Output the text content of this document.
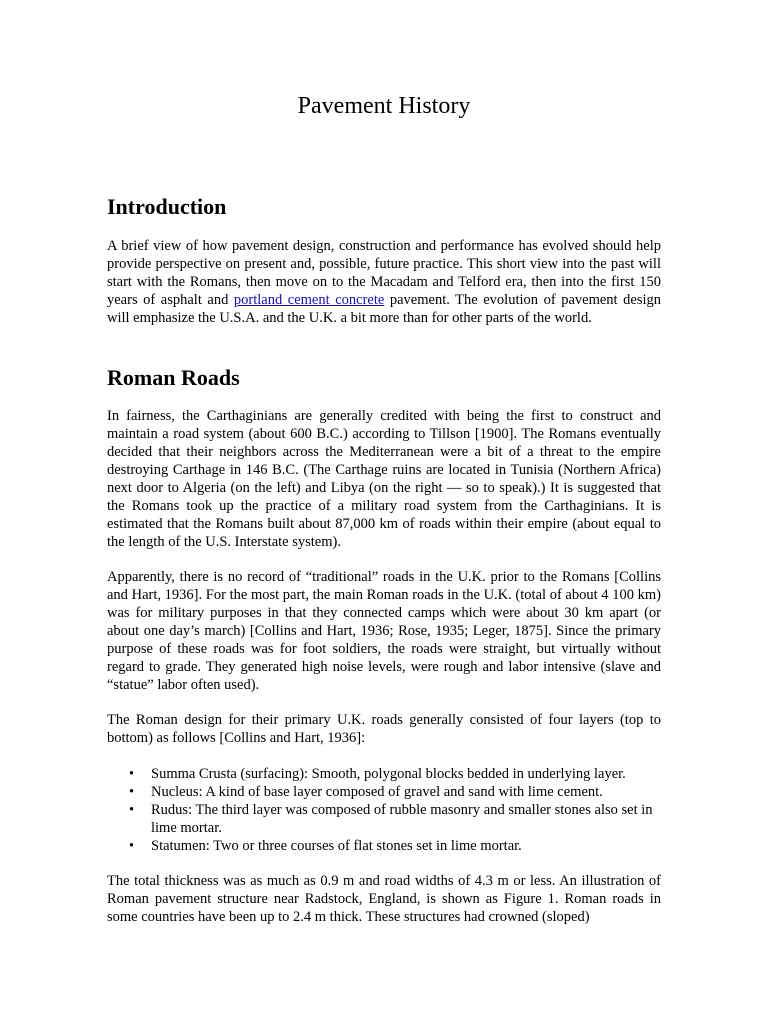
Pavement History
Introduction

A brief view of how pavement design, construction and performance has evolved should help provide perspective on present and, possible, future practice. This short view into the past will start with the Romans, then move on to the Macadam and Telford era, then into the first 150 years of asphalt and portland cement concrete pavement. The evolution of pavement design will emphasize the U.S.A. and the U.K. a bit more than for other parts of the world.

Roman Roads

In fairness, the Carthaginians are generally credited with being the first to construct and maintain a road system (about 600 B.C.) according to Tillson [1900]. The Romans eventually decided that their neighbors across the Mediterranean were a bit of a threat to the empire destroying Carthage in 146 B.C. (The Carthage ruins are located in Tunisia (Northern Africa) next door to Algeria (on the left) and Libya (on the right — so to speak).) It is suggested that the Romans took up the practice of a military road system from the Carthaginians. It is estimated that the Romans built about 87,000 km of roads within their empire (about equal to the length of the U.S. Interstate system).

Apparently, there is no record of “traditional” roads in the U.K. prior to the Romans [Collins and Hart, 1936]. For the most part, the main Roman roads in the U.K. (total of about 4 100 km) was for military purposes in that they connected camps which were about 30 km apart (or about one day’s march) [Collins and Hart, 1936; Rose, 1935; Leger, 1875]. Since the primary purpose of these roads was for foot soldiers, the roads were straight, but virtually without regard to grade. They generated high noise levels, were rough and labor intensive (slave and “statue” labor often used).

The Roman design for their primary U.K. roads generally consisted of four layers (top to bottom) as follows [Collins and Hart, 1936]:

• Summa Crusta (surfacing): Smooth, polygonal blocks bedded in underlying layer.
• Nucleus: A kind of base layer composed of gravel and sand with lime cement.
• Rudus: The third layer was composed of rubble masonry and smaller stones also set in lime mortar.
• Statumen: Two or three courses of flat stones set in lime mortar.

The total thickness was as much as 0.9 m and road widths of 4.3 m or less. An illustration of Roman pavement structure near Radstock, England, is shown as Figure 1. Roman roads in some countries have been up to 2.4 m thick. These structures had crowned (sloped)
